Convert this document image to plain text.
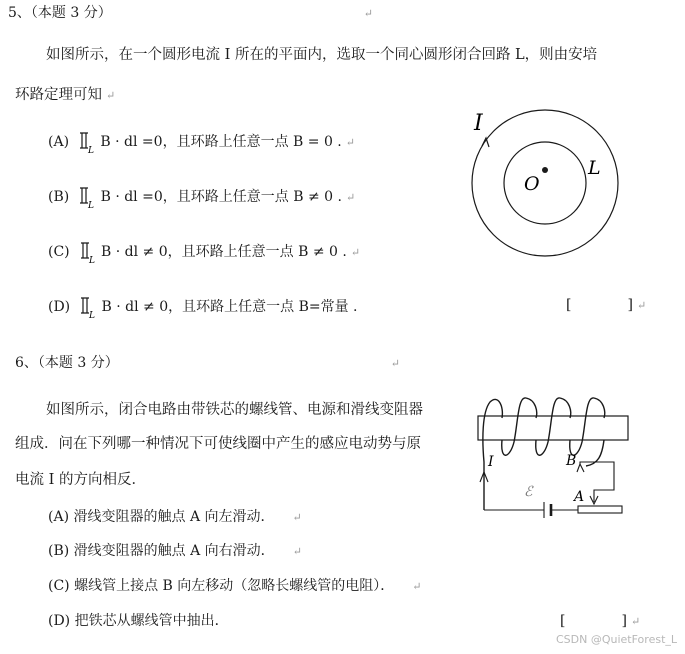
5、（本题 3 分）	↵
如图所示，在一个圆形电流 I 所在的平面内，选取一个同心圆形闭合回路 L，则由安培
环路定理可知 ↵
(A)
L
B · dl =0，且环路上任意一点 B = 0 . ↵
(B)
L
B · dl =0，且环路上任意一点 B ≠ 0 . ↵
(C)
L
B · dl ≠ 0，且环路上任意一点 B ≠ 0 . ↵
(D)
L
B · dl ≠ 0，且环路上任意一点 B=常量 .	[　　　　] ↵
I
O
L
6、（本题 3 分）	↵
如图所示，闭合电路由带铁芯的螺线管、电源和滑线变阻器
组成．问在下列哪一种情况下可使线圈中产生的感应电动势与原
电流 I 的方向相反．
(A) 滑线变阻器的触点 A 向左滑动． ↵
(B) 滑线变阻器的触点 A 向右滑动． ↵
(C) 螺线管上接点 B 向左移动（忽略长螺线管的电阻）． ↵
(D) 把铁芯从螺线管中抽出．	[　　　　] ↵
I	B
ℰ	A
CSDN @QuietForest_L
